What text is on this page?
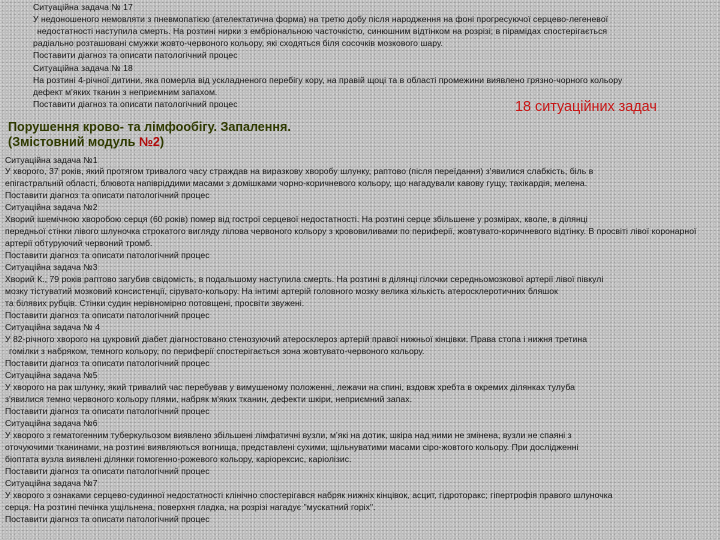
Ситуаційна задача № 17
У недоношеного немовляти з пневмопатією (ателектатична форма) на третю добу після народження на фоні прогресуючої серцево-легеневої
недостатності наступила смерть. На розтині нирки з ембріональною часточкістю, синюшним відтінком на розрізі; в пірамідах спостерігається
радіально розташовані смужки жовто-червоного кольору, які сходяться біля сосочків мозкового шару.
Поставити діагноз та описати патологічний процес
Ситуаційна задача № 18
На розтині 4-річної дитини, яка померла від ускладненого перебігу кору, на правій щоці та в області промежини виявлено грязно-чорного кольору
дефект м'яких тканин з неприємним запахом.
Поставити діагноз та описати патологічний процес	18 ситуаційних задач
Порушення крово- та лімфообігу. Запалення.
(Змістовний модуль №2)
Ситуаційна задача №1
У хворого, 37 років, який протягом тривалого часу страждав на виразкову хворобу шлунку, раптово (після переїдання) з'явилися слабкість, біль в
епігастральній області, блювота напівріддими масами з домішками чорно-коричневого кольору, що нагадували кавову гущу, тахікардія, мелена.
Поставити діагноз та описати патологічний процес
Ситуаційна задача №2
Хворий ішемічною хворобою серця (60 років) помер від гострої серцевої недостатності. На розтині серце збільшене у розмірах, кволе, в ділянці
передньої стінки лівого шлуночка строкатого вигляду лілова червоного кольору з крововиливами по периферії, жовтувато-коричневого відтінку. В просвіті лівої коронарної
артерії обтуруючий червоний тромб.
Поставити діагноз та описати патологічний процес
Ситуаційна задача №3
Хворий К., 79 років раптово загубив свідомість, в подальшому наступила смерть. На розтині в ділянці гілочки середньомозкової артерії лівої півкулі
мозку тістуватий мозковий консистенції, сірувато-кольору. На інтимі артерій головного мозку велика кількість атеросклеротичних бляшок
та білявих рубців. Стінки судин нерівномірно потовщені, просвіти звужені.
Поставити діагноз та описати патологічний процес
Ситуаційна задача № 4
У 82-річного хворого на цукровий діабет діагностовано стенозуючий атеросклероз артерій правої нижньої кінцівки. Права стопа і нижня третина
гомілки з набряком, темного кольору, по периферії спостерігається зона жовтувато-червоного кольору.
Поставити діагноз та описати патологічний процес
Ситуаційна задача №5
У хворого на рак шлунку, який тривалий час перебував у вимушеному положенні, лежачи на спині, вздовж хребта в окремих ділянках тулуба
з'явилися темно червоного кольору плями, набряк м'яких тканин, дефекти шкіри, неприємний запах.
Поставити діагноз та описати патологічний процес
Ситуаційна задача №6
У хворого з гематогенним туберкульозом виявлено збільшені лімфатичні вузли, м'які на дотик, шкіра над ними не змінена, вузли не спаяні з
оточуючими тканинами, на розтині виявляються вогнища, представлені сухими, щільнуватими масами сіро-жовтого кольору. При дослідженні
біоптата вузла виявлені ділянки гомогенно-рожевого кольору, каріорексис, каріолізис.
Поставити діагноз та описати патологічний процес
Ситуаційна задача №7
У хворого з ознаками серцево-судинної недостатності клінічно спостерігався набряк нижніх кінцівок, асцит, гідроторакс; гіпертрофія правого шлуночка
серця. На розтині печінка ущільнена, поверхня гладка, на розрізі нагадує "мускатний горіх".
Поставити діагноз та описати патологічний процес
